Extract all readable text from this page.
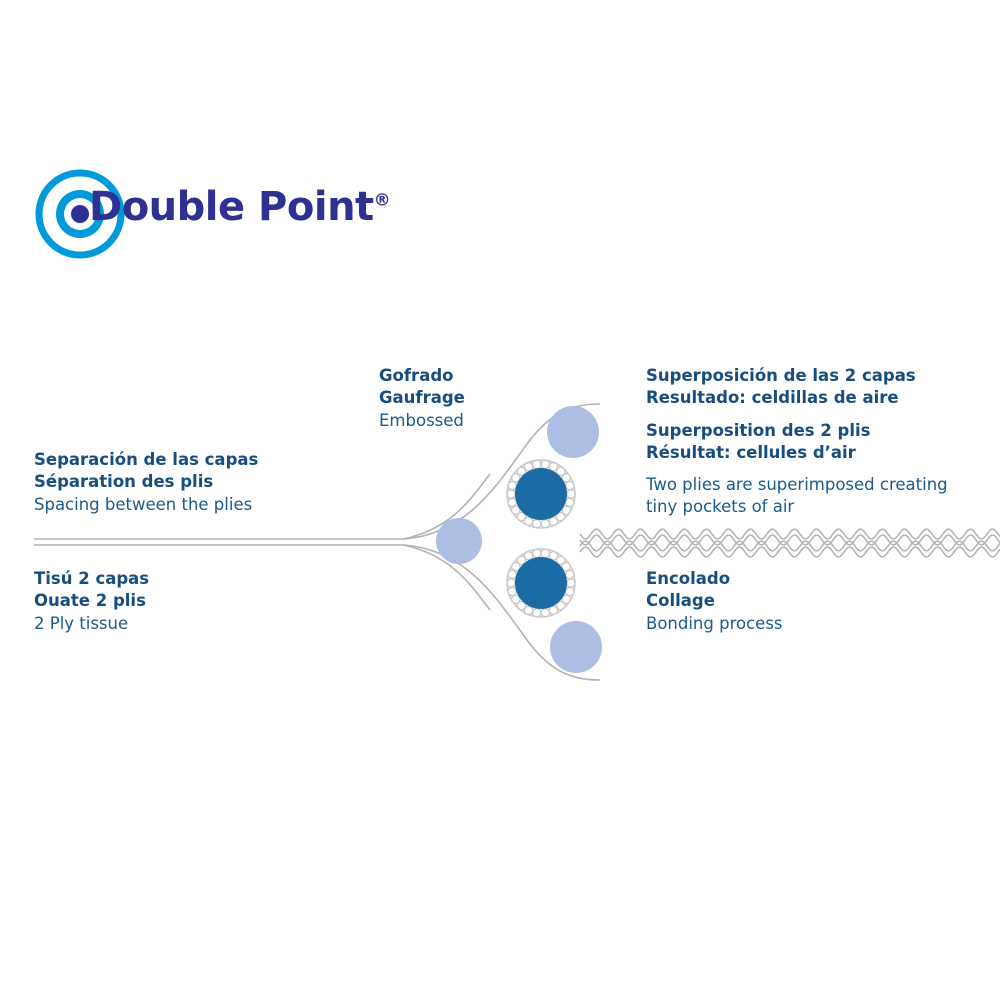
Double Point®
Separación de las capas
Séparation des plis
Spacing between the plies
Tisú 2 capas
Ouate 2 plis
2 Ply tissue
Gofrado
Gaufrage
Embossed
Superposición de las 2 capas
Resultado: celdillas de aire
Superposition des 2 plis
Résultat: cellules d’air
Two plies are superimposed creating
tiny pockets of air
Encolado
Collage
Bonding process
